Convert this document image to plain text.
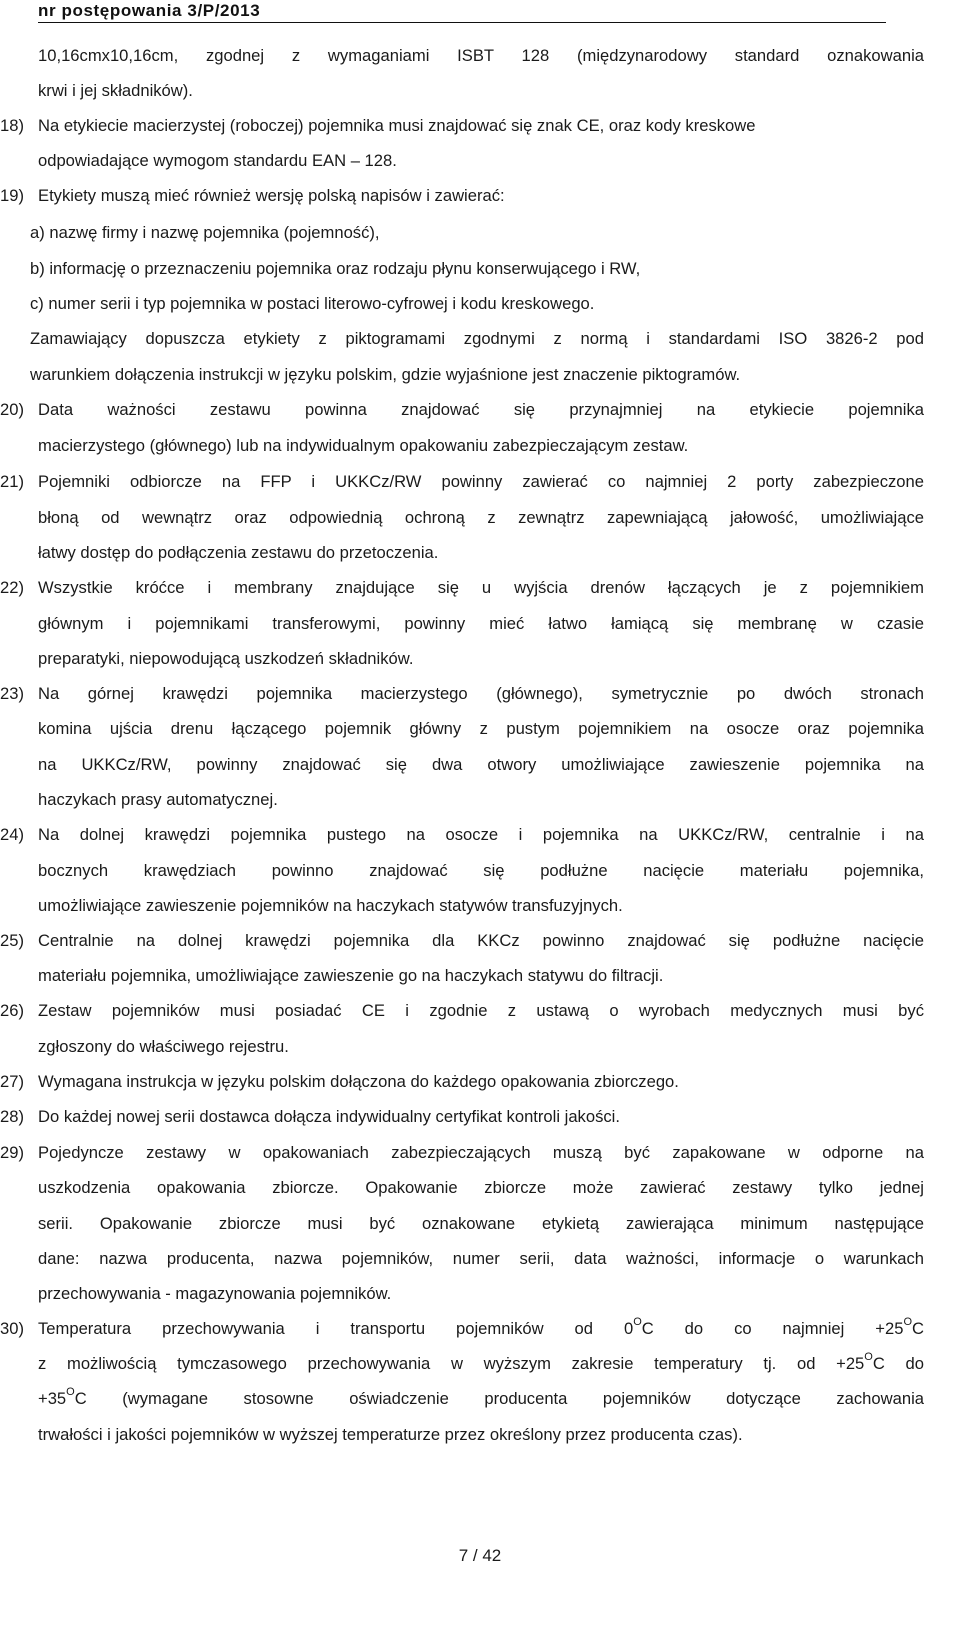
nr postępowania 3/P/2013
10,16cmx10,16cm, zgodnej z wymaganiami ISBT 128 (międzynarodowy standard oznakowania
krwi i jej składników).
18) Na etykiecie macierzystej (roboczej) pojemnika musi znajdować się znak CE, oraz kody kreskowe
odpowiadające wymogom standardu EAN – 128.
19) Etykiety muszą mieć również wersję polską napisów i zawierać:
a) nazwę firmy i nazwę pojemnika (pojemność),
b) informację o przeznaczeniu pojemnika oraz rodzaju płynu konserwującego i RW,
c) numer serii i typ pojemnika w postaci literowo-cyfrowej i kodu kreskowego.
Zamawiający dopuszcza etykiety z piktogramami zgodnymi z normą i standardami ISO 3826-2 pod
warunkiem dołączenia instrukcji w języku polskim, gdzie wyjaśnione jest znaczenie piktogramów.
20) Data ważności zestawu powinna znajdować się przynajmniej na etykiecie pojemnika
macierzystego (głównego) lub na indywidualnym opakowaniu zabezpieczającym zestaw.
21) Pojemniki odbiorcze na FFP i UKKCz/RW powinny zawierać co najmniej 2 porty zabezpieczone
błoną od wewnątrz oraz odpowiednią ochroną z zewnątrz zapewniającą jałowość, umożliwiające
łatwy dostęp do podłączenia zestawu do przetoczenia.
22) Wszystkie króćce i membrany znajdujące się u wyjścia drenów łączących je z pojemnikiem
głównym i pojemnikami transferowymi, powinny mieć łatwo łamiącą się membranę w czasie
preparatyki, niepowodującą uszkodzeń składników.
23) Na górnej krawędzi pojemnika macierzystego (głównego), symetrycznie po dwóch stronach
komina ujścia drenu łączącego pojemnik główny z pustym pojemnikiem na osocze oraz pojemnika
na UKKCz/RW, powinny znajdować się dwa otwory umożliwiające zawieszenie pojemnika na
haczykach prasy automatycznej.
24) Na dolnej krawędzi pojemnika pustego na osocze i pojemnika na UKKCz/RW, centralnie i na
bocznych krawędziach powinno znajdować się podłużne nacięcie materiału pojemnika,
umożliwiające zawieszenie pojemników na haczykach statywów transfuzyjnych.
25) Centralnie na dolnej krawędzi pojemnika dla KKCz powinno znajdować się podłużne nacięcie
materiału pojemnika, umożliwiające zawieszenie go na haczykach statywu do filtracji.
26) Zestaw pojemników musi posiadać CE i zgodnie z ustawą o wyrobach medycznych musi być
zgłoszony do właściwego rejestru.
27) Wymagana instrukcja w języku polskim dołączona do każdego opakowania zbiorczego.
28) Do każdej nowej serii dostawca dołącza indywidualny certyfikat kontroli jakości.
29) Pojedyncze zestawy w opakowaniach zabezpieczających muszą być zapakowane w odporne na
uszkodzenia opakowania zbiorcze. Opakowanie zbiorcze może zawierać zestawy tylko jednej
serii. Opakowanie zbiorcze musi być oznakowane etykietą zawierająca minimum następujące
dane: nazwa producenta, nazwa pojemników, numer serii, data ważności, informacje o warunkach
przechowywania - magazynowania pojemników.
30) Temperatura przechowywania i transportu pojemników od $0^OC$ do co najmniej $+25^OC$
z możliwością tymczasowego przechowywania w wyższym zakresie temperatury tj. od $+25^OC$ do
$+35^OC$ (wymagane stosowne oświadczenie producenta pojemników dotyczące zachowania
trwałości i jakości pojemników w wyższej temperaturze przez określony przez producenta czas).
7 / 42
